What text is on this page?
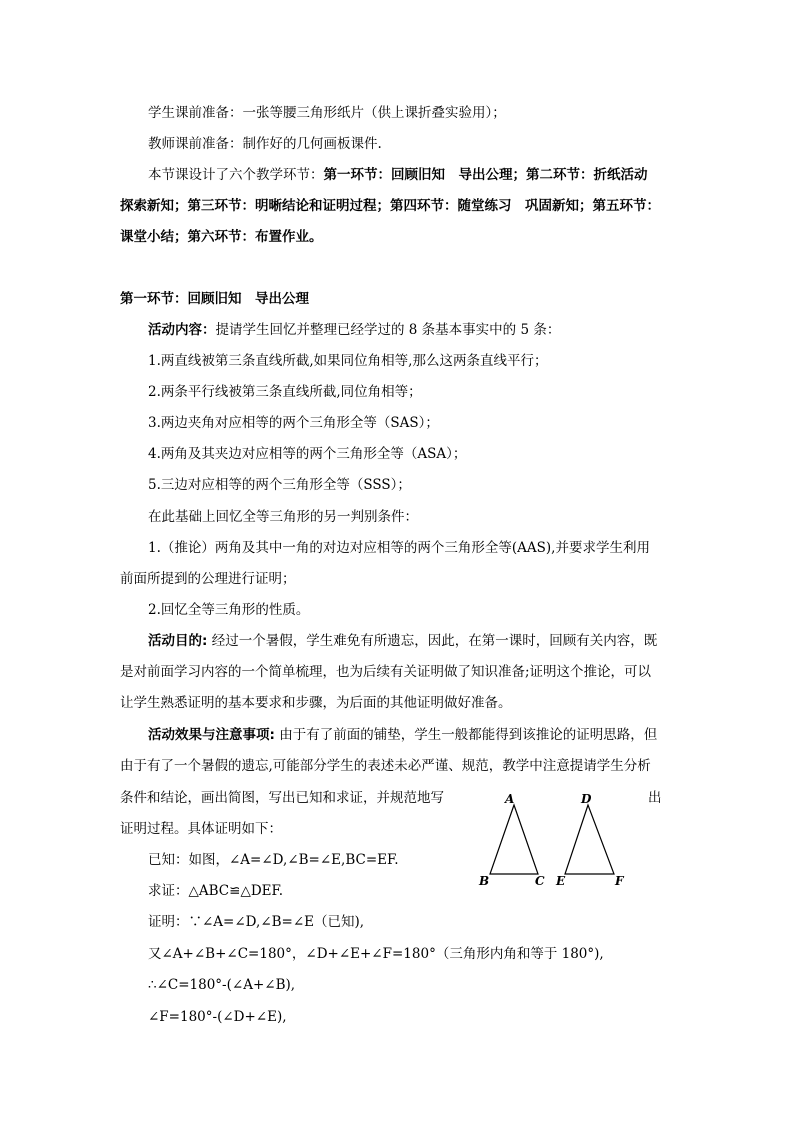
学生课前准备：一张等腰三角形纸片（供上课折叠实验用）；
教师课前准备：制作好的几何画板课件.
本节课设计了六个教学环节：第一环节：回顾旧知　导出公理；第二环节：折纸活动
探索新知；第三环节：明晰结论和证明过程；第四环节：随堂练习　巩固新知；第五环节：
课堂小结；第六环节：布置作业。
第一环节：回顾旧知　导出公理
活动内容：提请学生回忆并整理已经学过的 8 条基本事实中的 5 条：
1.两直线被第三条直线所截,如果同位角相等,那么这两条直线平行；
2.两条平行线被第三条直线所截,同位角相等；
3.两边夹角对应相等的两个三角形全等（SAS）；
4.两角及其夹边对应相等的两个三角形全等（ASA）；
5.三边对应相等的两个三角形全等（SSS）；
在此基础上回忆全等三角形的另一判别条件：
1.（推论）两角及其中一角的对边对应相等的两个三角形全等(AAS),并要求学生利用
前面所提到的公理进行证明；
2.回忆全等三角形的性质。
活动目的: 经过一个暑假，学生难免有所遗忘，因此，在第一课时，回顾有关内容，既
是对前面学习内容的一个简单梳理，也为后续有关证明做了知识准备;证明这个推论，可以
让学生熟悉证明的基本要求和步骤，为后面的其他证明做好准备。
活动效果与注意事项: 由于有了前面的铺垫，学生一般都能得到该推论的证明思路，但
由于有了一个暑假的遗忘,可能部分学生的表述未必严谨、规范，教学中注意提请学生分析
条件和结论，画出简图，写出已知和求证，并规范地写	出
证明过程。具体证明如下：
已知：如图，∠A=∠D,∠B=∠E,BC=EF.
求证：△ABC≌△DEF.
证明：∵∠A=∠D,∠B=∠E（已知),
又∠A+∠B+∠C=180°，∠D+∠E+∠F=180°（三角形内角和等于 180°),
∴∠C=180°-(∠A+∠B),
∠F=180°-(∠D+∠E),
A
B	C
D
E	F
